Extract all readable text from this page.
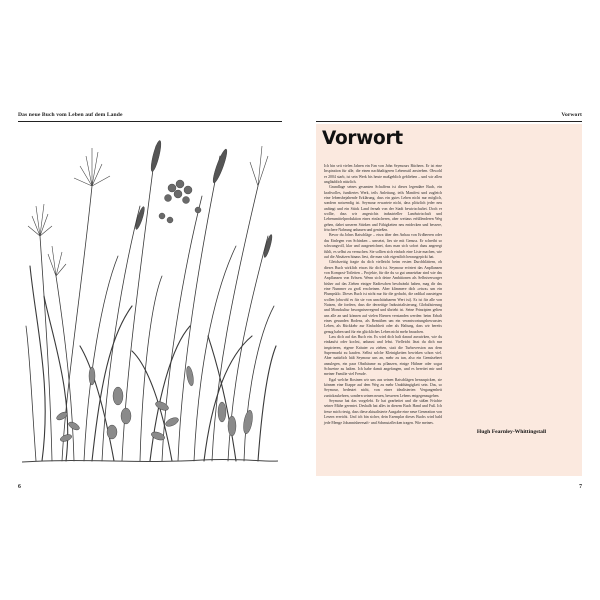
Das neue Buch vom Leben auf dem Lande
6
Vorwort
Vorwort

Ich bin seit vielen Jahren ein Fan von John Seymours Büchern. Er ist eine Inspiration für alle, die einen nachhaltigeren Lebensstil anstreben. Obwohl er 2004 starb, ist sein Werk bis heute maßgeblich geblieben – und wir allen ungläublich nützlich.

Grundlage seines gesamten Schaffens ist dieses legendäre Buch, ein kraftvolles, fundiertes Werk, teils Anleitung, teils Manifest und zugleich eine lebensbejahende Erklärung, dass ein gutes Leben nicht nur möglich, sondern notwendig ist. Seymour erwartete nicht, dass plötzlich jeder neu anfängt und ein Stück Land fernab von der Stadt bewirtschaftet. Doch er wollte, dass wir angesichts industrieller Landwirtschaft und Lebensmittelproduktion eines einfacheren, aber weitaus erfüllenderen Weg gehen, dabei unseren Stärken und Fähigkeiten neu entdecken und bessere, frischere Nahrung anbauen und genießen.

Bevor du Johns Ratschläge – etwa über den Anbau von Erdbeeren oder das Einlegen von Schinken – umsetzt, lies sie mit Genuss. Er schreibt so schwungvoll, klar und ausgezeichnet, dass man sich sofort dazu angeregt fühlt, es selbst zu versuchen. Sie sollten sich einfach eine Liste machen, wie auf die Absätzen hinaus liest, die man sich eigentlich herausgepickt hat.

Gleichzeitig fragte du dich vielleicht beim ersten Durchblättern, ob dieses Buch wirklich etwas für dich ist. Seymour erörtert das Anpflanzen von Kompost-Toiletten – Projekte, für die du so gut umsetzbar sind wie das Anpflanzen von Erbsen. Wenn sich deine Ambitionen als Selbstversorger bisher auf das Ziehen einiger Radieschen beschränkt haben, mag dir das eine Nummer zu groß erscheinen. Aber klimmere dich «etwa» um ein Plumpsklo. Dieses Buch ist nicht nur für die gedacht, die radikal aussteigen wollen (obwohl es für sie von unschätzbarem Wert ist). Es ist für alle von Nutzen, die fordern, dass die derzeitige Industrialisierung, Globalisierung und Monokultur besorgniserregend und übriebt ist. Seine Prinzipien gelten uns alle an und können auf vielen Ebenen verstanden werden: beim Erhalt eines gesunden Bodens, als Bemühen um ein verantwortungsbewusstes Leben, als Rückkehr zur Einfachheit oder als Haltung, dass wir bereits genug haben und für ein glückliches Leben nicht mehr brauchen.

Lass dich auf das Buch ein. Es wird dich halt darauf auswirken, wie du einkaufst oder kochst, anbaust und lebst. Vielleicht lässt du dich nur inspirieren, eigene Kräuter zu ziehen, statt die Turboversion aus dem Supermarkt zu kaufen. Selbst solche Kleinigkeiten bewirken schon viel. Aber natürlich hält Seymour uns an, mehr zu tun, also ein Gemüsebeet anzulegen, ein paar Obstbäume zu pflanzen, einige Hühner oder sogar Schweine zu halten. Ich habe damit angefangen, und es bereitet mir und meiner Familie viel Freude.

Egal welche Rosinen wir uns aus seinen Ratschlägen herauspicken, sie können eine Etappe auf dem Weg zu mehr Unabhängigkeit sein. Das, so Seymour, bedeutet nicht, von einer idealisierten Vergangenheit zurückzukehren, sondern seinen neuen, besseren Lebens entgegenzugehen.

Seymour hat das vorgelebt. Er hat gearbeitet und die süßen Früchte seiner Mühe geerntet. Deshalb hat alles in diesem Buch Hand und Fuß. Ich freue mich riesig, dass diese aktualisierte Ausgabe eine neue Generation von Lesern erreicht. Und ich bin sicher, dein Exemplar dieses Buchs wird bald jede Menge Johannisbeersaft- und Schmutzflecken tragen. Wie meines.

Hugh Fearnley-Whittingstall
7
